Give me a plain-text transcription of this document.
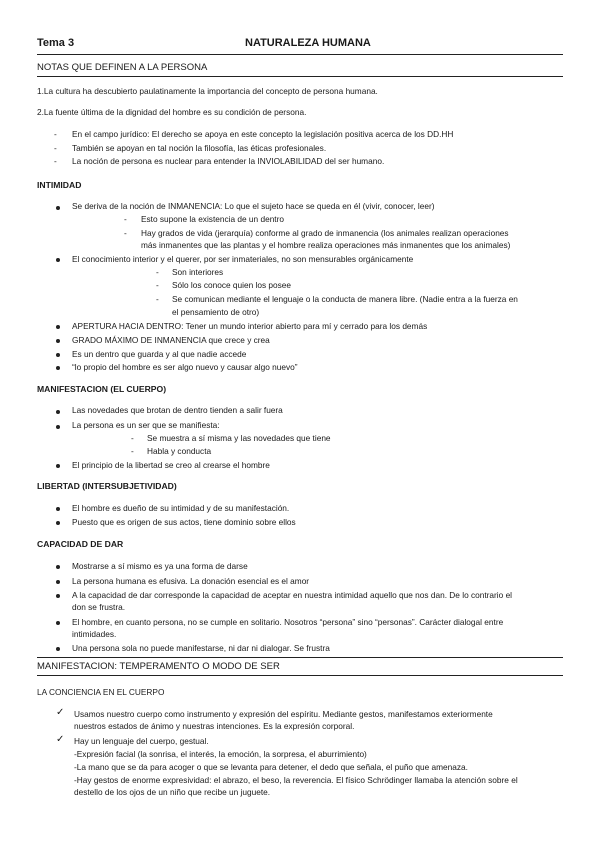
Tema 3	NATURALEZA HUMANA
NOTAS QUE DEFINEN A LA PERSONA
1.La cultura ha descubierto paulatinamente la importancia del concepto de persona humana.
2.La fuente última de la dignidad del hombre es su condición de persona.
- En el campo jurídico: El derecho se apoya en este concepto la legislación positiva acerca de los DD.HH
- También se apoyan en tal noción la filosofía, las éticas profesionales.
- La noción de persona es nuclear para entender la INVIOLABILIDAD del ser humano.
INTIMIDAD
Se deriva de la noción de INMANENCIA: Lo que el sujeto hace se queda en él (vivir, conocer, leer)
- Esto supone la existencia de un dentro
- Hay grados de vida (jerarquía) conforme al grado de inmanencia (los animales realizan operaciones
más inmanentes que las plantas y el hombre realiza operaciones más inmanentes que los animales)
El conocimiento interior y el querer, por ser inmateriales, no son mensurables orgánicamente
- Son interiores
- Sólo los conoce quien los posee
- Se comunican mediante el lenguaje o la conducta de manera libre. (Nadie entra a la fuerza en
el pensamiento de otro)
APERTURA HACIA DENTRO: Tener un mundo interior abierto para mí y cerrado para los demás
GRADO MÁXIMO DE INMANENCIA que crece y crea
Es un dentro que guarda y al que nadie accede
“lo propio del hombre es ser algo nuevo y causar algo nuevo”
MANIFESTACION (EL CUERPO)
Las novedades que brotan de dentro tienden a salir fuera
La persona es un ser que se manifiesta:
- Se muestra a sí misma y las novedades que tiene
- Habla y conducta
El principio de la libertad se creo al crearse el hombre
LIBERTAD (INTERSUBJETIVIDAD)
El hombre es dueño de su intimidad y de su manifestación.
Puesto que es origen de sus actos, tiene dominio sobre ellos
CAPACIDAD DE DAR
Mostrarse a sí mismo es ya una forma de darse
La persona humana es efusiva. La donación esencial es el amor
A la capacidad de dar corresponde la capacidad de aceptar en nuestra intimidad aquello que nos dan. De lo contrario el
don se frustra.
El hombre, en cuanto persona, no se cumple en solitario. Nosotros “persona” sino “personas”. Carácter dialogal entre
intimidades.
Una persona sola no puede manifestarse, ni dar ni dialogar. Se frustra
MANIFESTACION: TEMPERAMENTO O MODO DE SER
LA CONCIENCIA EN EL CUERPO
✓ Usamos nuestro cuerpo como instrumento y expresión del espíritu. Mediante gestos, manifestamos exteriormente
nuestros estados de ánimo y nuestras intenciones. Es la expresión corporal.
✓ Hay un lenguaje del cuerpo, gestual.
-Expresión facial (la sonrisa, el interés, la emoción, la sorpresa, el aburrimiento)
-La mano que se da para acoger o que se levanta para detener, el dedo que señala, el puño que amenaza.
-Hay gestos de enorme expresividad: el abrazo, el beso, la reverencia. El físico Schrödinger llamaba la atención sobre el
destello de los ojos de un niño que recibe un juguete.
